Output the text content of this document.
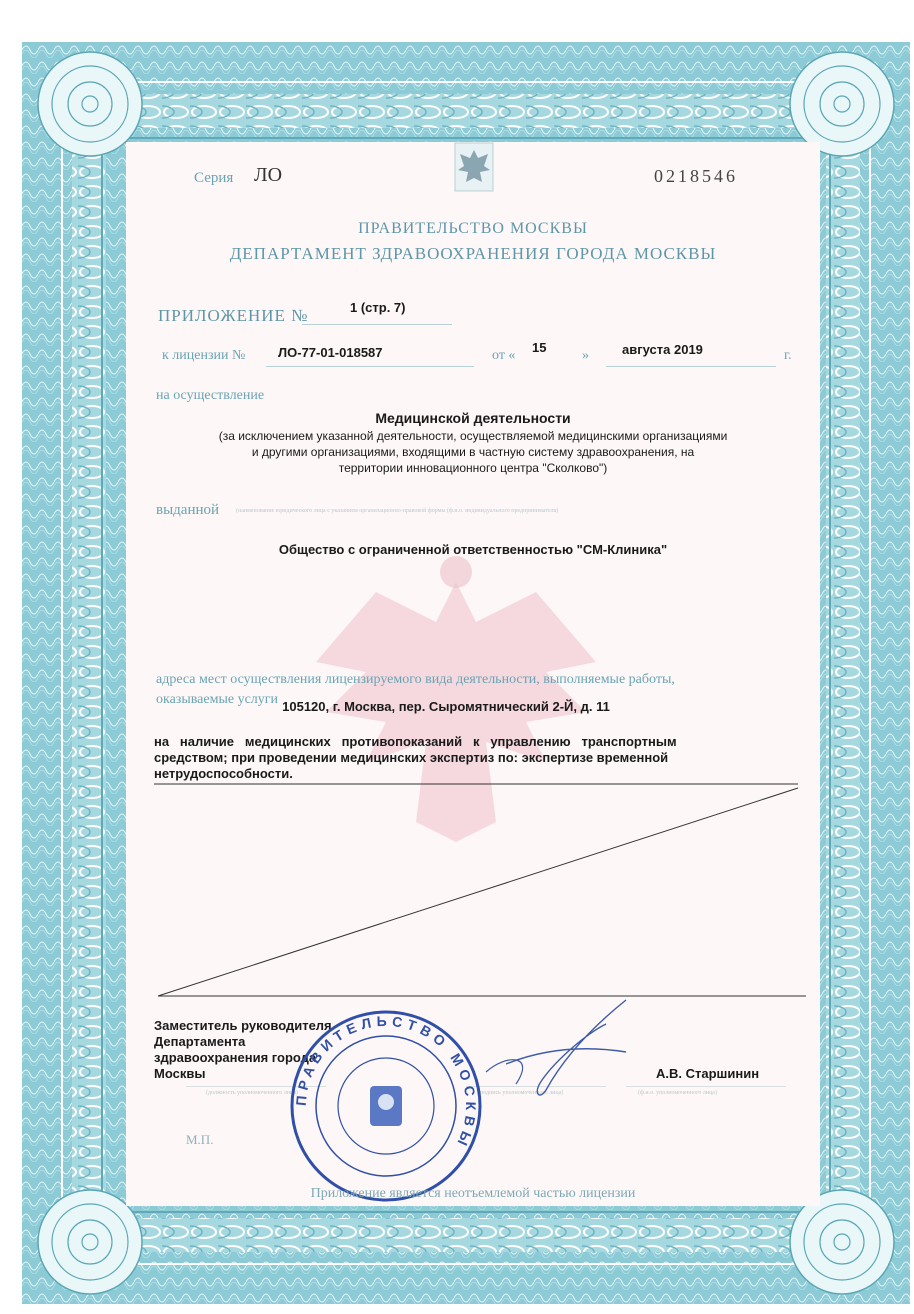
Серия ЛО	0218546
ПРАВИТЕЛЬСТВО МОСКВЫ
ДЕПАРТАМЕНТ ЗДРАВООХРАНЕНИЯ ГОРОДА МОСКВЫ
ПРИЛОЖЕНИЕ №	1 (стр. 7)
к лицензии №	ЛО-77-01-018587	от «
15
»	августа 2019	г.
на осуществление
Медицинской деятельности
(за исключением указанной деятельности, осуществляемой медицинскими организациями
и другими организациями, входящими в частную систему здравоохранения, на
территории инновационного центра "Сколково")
выданной	(наименование юридического лица с указанием организационно-правовой формы (ф.и.о. индивидуального предпринимателя)
Общество с ограниченной ответственностью "СМ-Клиника"
адреса мест осуществления лицензируемого вида деятельности, выполняемые работы,
оказываемые услуги 105120, г. Москва, пер. Сыромятнический 2-Й, д. 11
на   наличие   медицинских   противопоказаний   к   управлению   транспортным
средством; при проведении медицинских экспертиз по: экспертизе временной
нетрудоспособности.
Заместитель руководителя
Департамента
здравоохранения города
Москвы	А.В. Старшинин
(должность уполномоченного лица)	(подпись уполномоченного лица)	(ф.и.о. уполномоченного лица)
ПРАВИТЕЛЬСТВО МОСКВЫ
М.П.
Приложение является неотъемлемой частью лицензии
